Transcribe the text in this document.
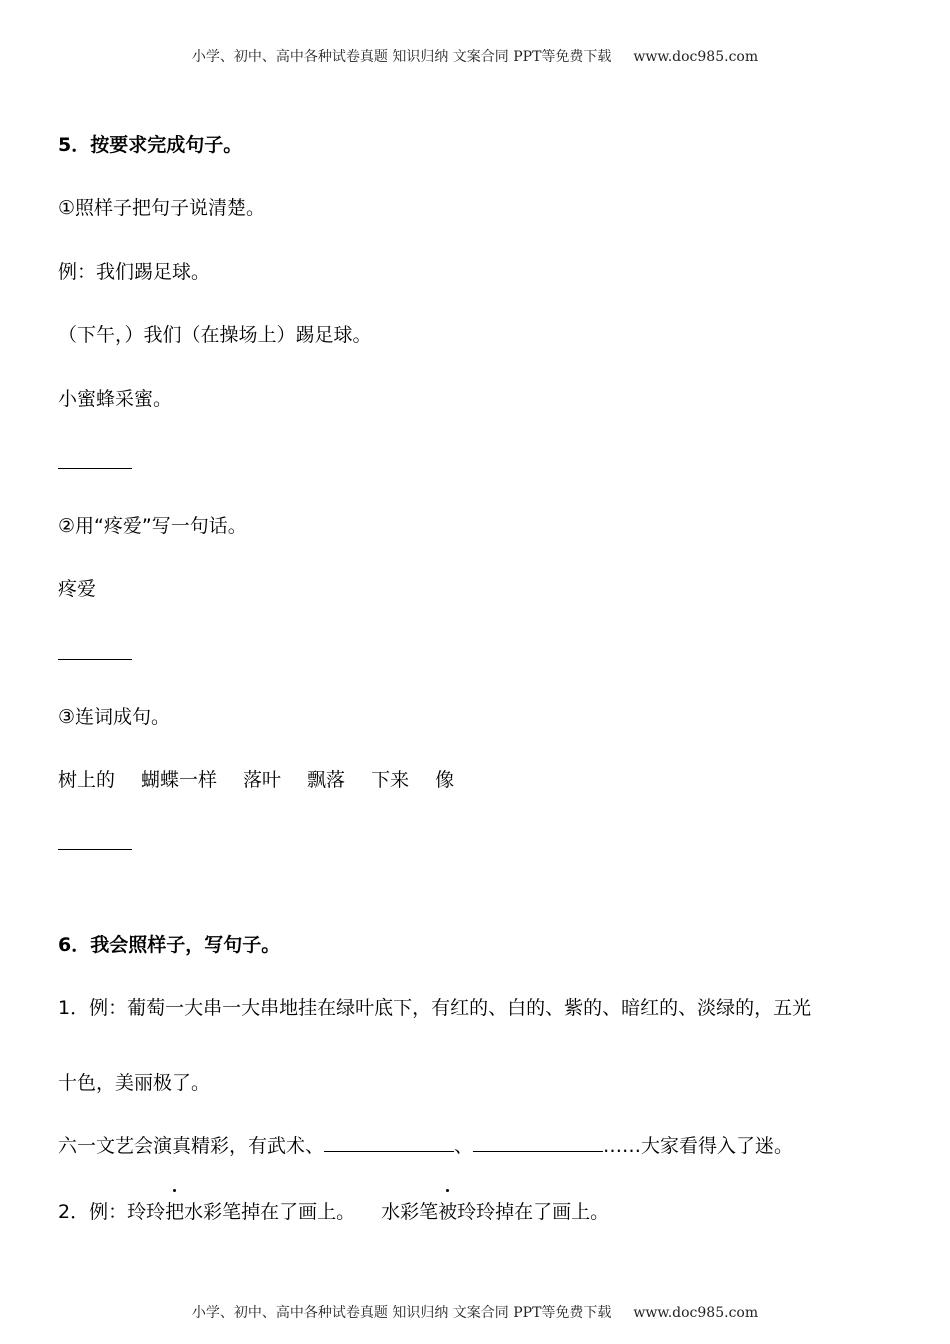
小学、初中、高中各种试卷真题 知识归纳 文案合同 PPT等免费下载 www.doc985.com
5．按要求完成句子。
①照样子把句子说清楚。
例：我们踢足球。
（下午，）我们（在操场上）踢足球。
小蜜蜂采蜜。
②用“疼爱”写一句话。
疼爱
③连词成句。
树上的 蝴蝶一样 落叶 飘落 下来 像
6．我会照样子，写句子。
1．例：葡萄一大串一大串地挂在绿叶底下，有红的、白的、紫的、暗红的、淡绿的，五光
十色，美丽极了。
六一文艺会演真精彩，有武术、	、	……大家看得入了迷。
2．例：玲玲把水彩笔掉在了画上。 水彩笔被玲玲掉在了画上。
小学、初中、高中各种试卷真题 知识归纳 文案合同 PPT等免费下载 www.doc985.com
